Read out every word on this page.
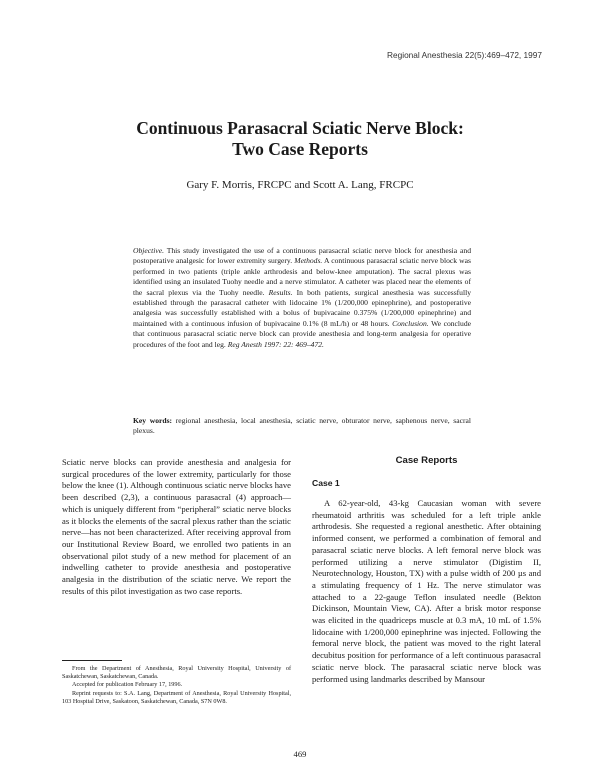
Regional Anesthesia 22(5):469–472, 1997
Continuous Parasacral Sciatic Nerve Block:
Two Case Reports
Gary F. Morris, FRCPC and Scott A. Lang, FRCPC

Objective. This study investigated the use of a continuous parasacral sciatic nerve block for anesthesia and postoperative analgesic for lower extremity surgery. Methods. A continuous parasacral sciatic nerve block was performed in two patients (triple ankle arthrodesis and below-knee amputation). The sacral plexus was identified using an insulated Tuohy needle and a nerve stimulator. A catheter was placed near the elements of the sacral plexus via the Tuohy needle. Results. In both patients, surgical anesthesia was successfully established through the parasacral catheter with lidocaine 1% (1/200,000 epinephrine), and postoperative analgesia was successfully established with a bolus of bupivacaine 0.375% (1/200,000 epinephrine) and maintained with a continuous infusion of bupivacaine 0.1% (8 mL/h) or 48 hours. Conclusion. We conclude that continuous parasacral sciatic nerve block can provide anesthesia and long-term analgesia for operative procedures of the foot and leg. Reg Anesth 1997: 22: 469–472.

Key words: regional anesthesia, local anesthesia, sciatic nerve, obturator nerve, saphenous nerve, sacral plexus.

Sciatic nerve blocks can provide anesthesia and analgesia for surgical procedures of the lower extremity, particularly for those below the knee (1). Although continuous sciatic nerve blocks have been described (2,3), a continuous parasacral (4) approach—which is uniquely different from “peripheral” sciatic nerve blocks as it blocks the elements of the sacral plexus rather than the sciatic nerve—has not been characterized. After receiving approval from our Institutional Review Board, we enrolled two patients in an observational pilot study of a new method for placement of an indwelling catheter to provide anesthesia and postoperative analgesia in the distribution of the sciatic nerve. We report the results of this pilot investigation as two case reports.

From the Department of Anesthesia, Royal University Hospital, University of Saskatchewan, Saskatchewan, Canada.

Accepted for publication February 17, 1996.

Reprint requests to: S.A. Lang, Department of Anesthesia, Royal University Hospital, 103 Hospital Drive, Saskatoon, Saskatchewan, Canada, S7N 0W8.

Case Reports
Case 1

A 62-year-old, 43-kg Caucasian woman with severe rheumatoid arthritis was scheduled for a left triple ankle arthrodesis. She requested a regional anesthetic. After obtaining informed consent, we performed a combination of femoral and parasacral sciatic nerve blocks. A left femoral nerve block was performed utilizing a nerve stimulator (Digistim II, Neurotechnology, Houston, TX) with a pulse width of 200 µs and a stimulating frequency of 1 Hz. The nerve stimulator was attached to a 22-gauge Teflon insulated needle (Bekton Dickinson, Mountain View, CA). After a brisk motor response was elicited in the quadriceps muscle at 0.3 mA, 10 mL of 1.5% lidocaine with 1/200,000 epinephrine was injected. Following the femoral nerve block, the patient was moved to the right lateral decubitus position for performance of a left continuous parasacral sciatic nerve block. The parasacral sciatic nerve block was performed using landmarks described by Mansour

469
